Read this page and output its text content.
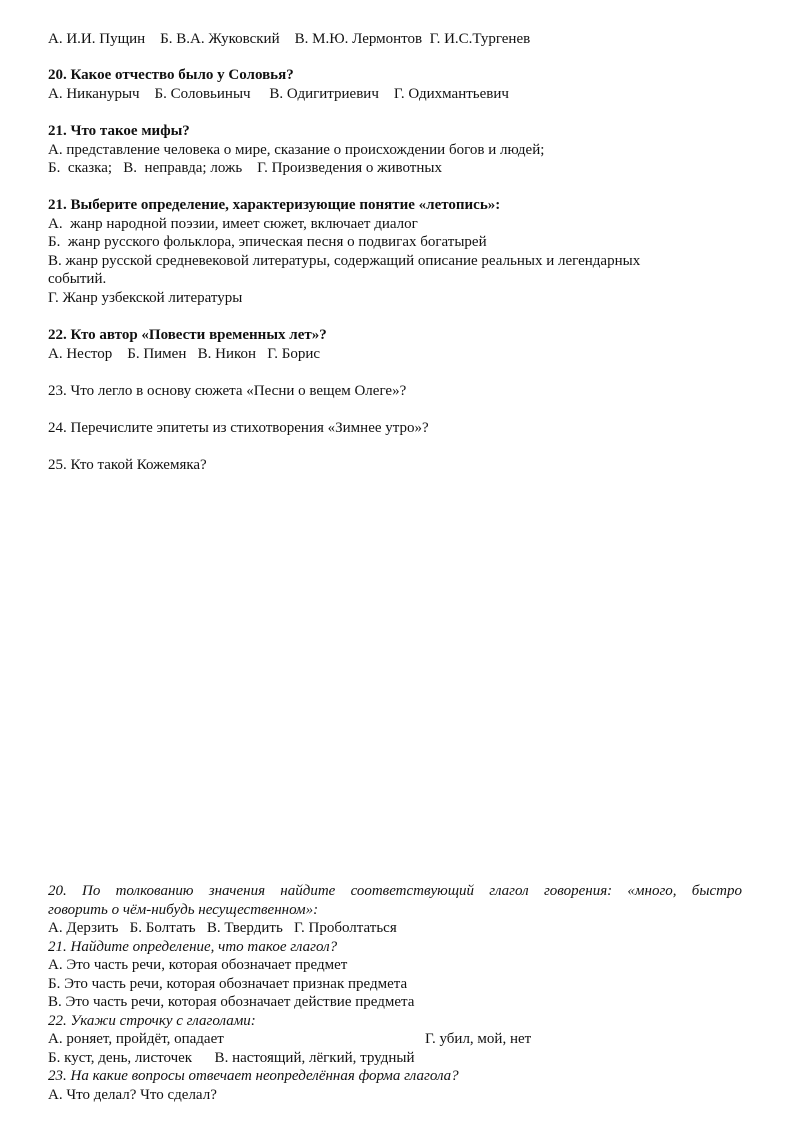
А. И.И. Пущин    Б. В.А. Жуковский    В. М.Ю. Лермонтов  Г. И.С.Тургенев
20. Какое отчество было у Соловья?
А. Никанурыч    Б. Соловьиныч     В. Одигитриевич    Г. Одихмантьевич
21. Что такое мифы?
А. представление человека о мире, сказание о происхождении богов и людей;
Б.  сказка;   В.  неправда; ложь    Г. Произведения о животных
21. Выберите определение, характеризующие понятие «летопись»:
А.  жанр народной поэзии, имеет сюжет, включает диалог
Б.  жанр русского фольклора, эпическая песня о подвигах богатырей
В. жанр русской средневековой литературы, содержащий описание реальных и легендарных
событий.
Г. Жанр узбекской литературы
22. Кто автор «Повести временных лет»?
А. Нестор    Б. Пимен   В. Никон   Г. Борис
23. Что легло в основу сюжета «Песни о вещем Олеге»?
24. Перечислите эпитеты из стихотворения «Зимнее утро»?
25. Кто такой Кожемяка?
20. По толкованию значения найдите соответствующий глагол говорения: «много, быстро
говорить о чём-нибудь несущественном»:
А. Дерзить   Б. Болтать   В. Твердить   Г. Проболтаться
21. Найдите определение, что такое глагол?
А. Это часть речи, которая обозначает предмет
Б. Это часть речи, которая обозначает признак предмета
В. Это часть речи, которая обозначает действие предмета
22. Укажи строчку с глаголами:
А. роняет, пройдёт, опадает	Г. убил, мой, нет
Б. куст, день, листочек      В. настоящий, лёгкий, трудный
23. На какие вопросы отвечает неопределённая форма глагола?
А. Что делал? Что сделал?
